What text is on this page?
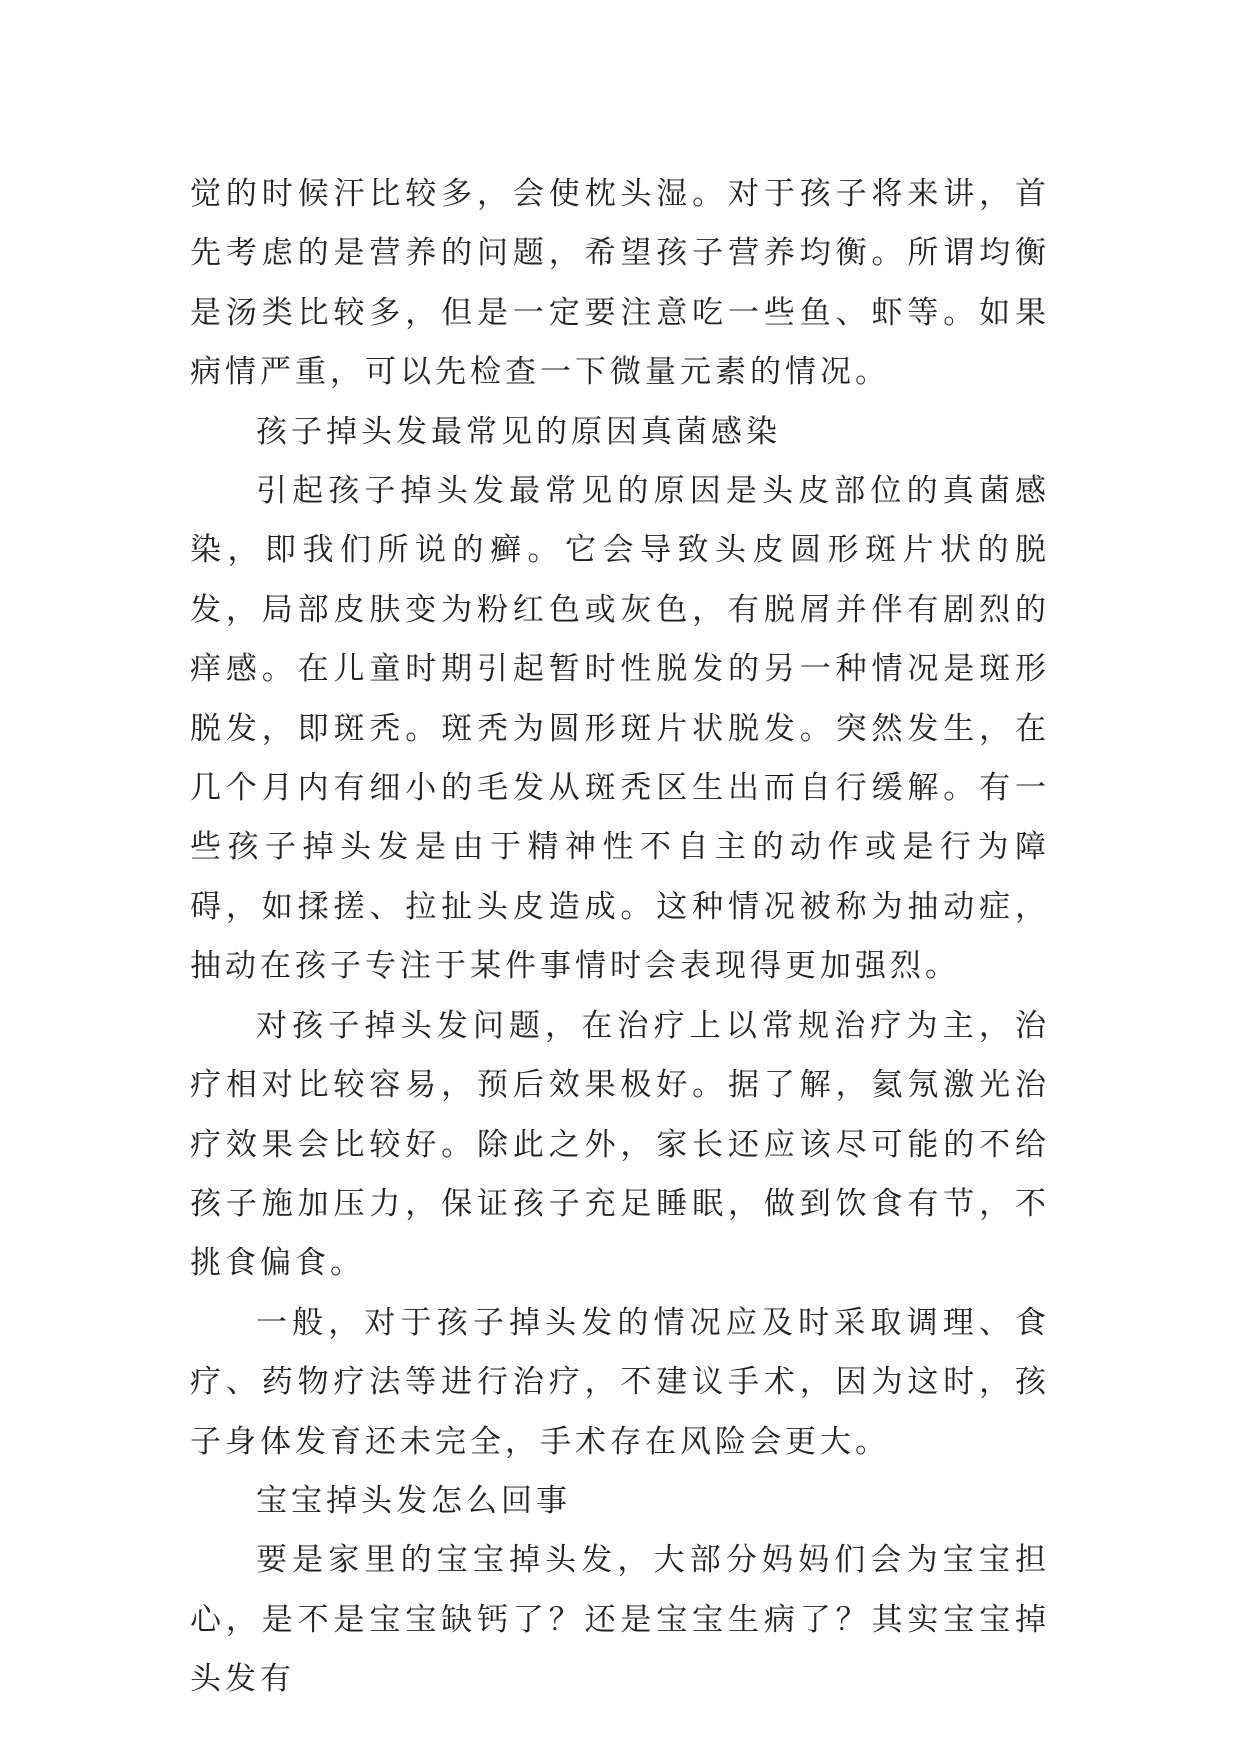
觉的时候汗比较多，会使枕头湿。对于孩子将来讲，首先考虑的是营养的问题，希望孩子营养均衡。所谓均衡是汤类比较多，但是一定要注意吃一些鱼、虾等。如果病情严重，可以先检查一下微量元素的情况。

孩子掉头发最常见的原因真菌感染

引起孩子掉头发最常见的原因是头皮部位的真菌感染，即我们所说的癣。它会导致头皮圆形斑片状的脱发，局部皮肤变为粉红色或灰色，有脱屑并伴有剧烈的痒感。在儿童时期引起暂时性脱发的另一种情况是斑形脱发，即斑秃。斑秃为圆形斑片状脱发。突然发生，在几个月内有细小的毛发从斑秃区生出而自行缓解。有一些孩子掉头发是由于精神性不自主的动作或是行为障碍，如揉搓、拉扯头皮造成。这种情况被称为抽动症，抽动在孩子专注于某件事情时会表现得更加强烈。

对孩子掉头发问题，在治疗上以常规治疗为主，治疗相对比较容易，预后效果极好。据了解，氦氖激光治疗效果会比较好。除此之外，家长还应该尽可能的不给孩子施加压力，保证孩子充足睡眠，做到饮食有节，不挑食偏食。

一般，对于孩子掉头发的情况应及时采取调理、食疗、药物疗法等进行治疗，不建议手术，因为这时，孩子身体发育还未完全，手术存在风险会更大。

宝宝掉头发怎么回事

要是家里的宝宝掉头发，大部分妈妈们会为宝宝担心，是不是宝宝缺钙了？还是宝宝生病了？其实宝宝掉头发有
